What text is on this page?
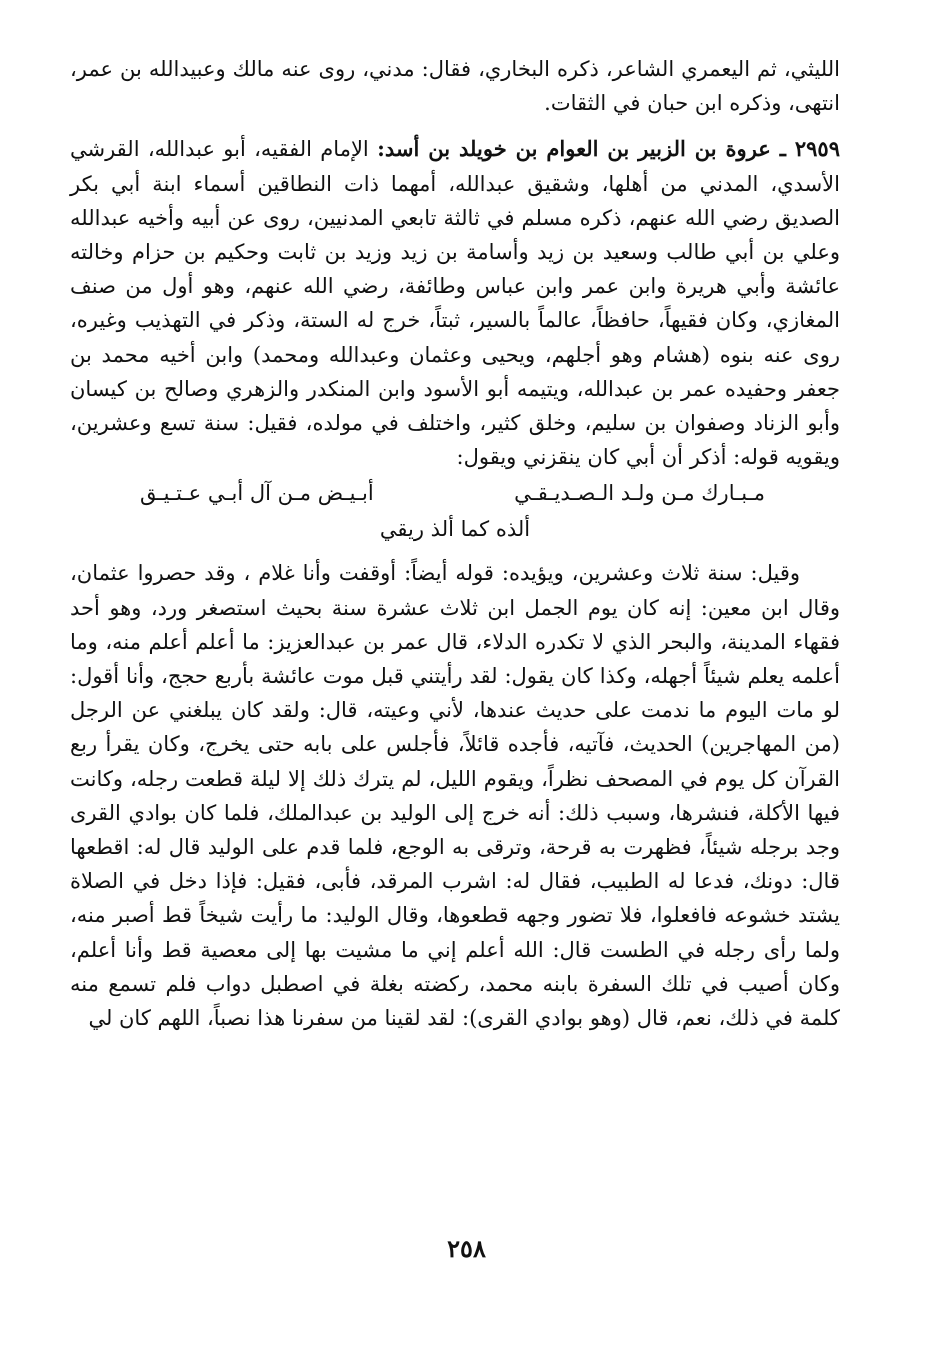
الليثي، ثم اليعمري الشاعر، ذكره البخاري، فقال: مدني، روى عنه مالك وعبيدالله بن عمر، انتهى، وذكره ابن حبان في الثقات.

٢٩٥٩ ـ عروة بن الزبير بن العوام بن خويلد بن أسد: الإمام الفقيه، أبو عبدالله، القرشي الأسدي، المدني من أهلها، وشقيق عبدالله، أمهما ذات النطاقين أسماء ابنة أبي بكر الصديق رضي الله عنهم، ذكره مسلم في ثالثة تابعي المدنيين، روى عن أبيه وأخيه عبدالله وعلي بن أبي طالب وسعيد بن زيد وأسامة بن زيد وزيد بن ثابت وحكيم بن حزام وخالته عائشة وأبي هريرة وابن عمر وابن عباس وطائفة، رضي الله عنهم، وهو أول من صنف المغازي، وكان فقيهاً، حافظاً، عالماً بالسير، ثبتاً، خرج له الستة، وذكر في التهذيب وغيره، روى عنه بنوه (هشام وهو أجلهم، ويحيى وعثمان وعبدالله ومحمد) وابن أخيه محمد بن جعفر وحفيده عمر بن عبدالله، ويتيمه أبو الأسود وابن المنكدر والزهري وصالح بن كيسان وأبو الزناد وصفوان بن سليم، وخلق كثير، واختلف في مولده، فقيل: سنة تسع وعشرين، ويقويه قوله: أذكر أن أبي كان ينقزني ويقول:

مـبـارك مـن ولـد الـصـديـقـي
أبـيـض مـن آل أبـي عـتـيـق
ألذه كما ألذ ريقي

وقيل: سنة ثلاث وعشرين، ويؤيده: قوله أيضاً: أوقفت وأنا غلام ، وقد حصروا عثمان، وقال ابن معين: إنه كان يوم الجمل ابن ثلاث عشرة سنة بحيث استصغر ورد، وهو أحد فقهاء المدينة، والبحر الذي لا تكدره الدلاء، قال عمر بن عبدالعزيز: ما أعلم أعلم منه، وما أعلمه يعلم شيئاً أجهله، وكذا كان يقول: لقد رأيتني قبل موت عائشة بأربع حجج، وأنا أقول: لو مات اليوم ما ندمت على حديث عندها، لأني وعيته، قال: ولقد كان يبلغني عن الرجل (من المهاجرين) الحديث، فآتيه، فأجده قائلاً، فأجلس على بابه حتى يخرج، وكان يقرأ ربع القرآن كل يوم في المصحف نظراً، ويقوم الليل، لم يترك ذلك إلا ليلة قطعت رجله، وكانت فيها الأكلة، فنشرها، وسبب ذلك: أنه خرج إلى الوليد بن عبدالملك، فلما كان بوادي القرى وجد برجله شيئاً، فظهرت به قرحة، وترقى به الوجع، فلما قدم على الوليد قال له: اقطعها قال: دونك، فدعا له الطبيب، فقال له: اشرب المرقد، فأبى، فقيل: فإذا دخل في الصلاة يشتد خشوعه فافعلوا، فلا تضور وجهه قطعوها، وقال الوليد: ما رأيت شيخاً قط أصبر منه، ولما رأى رجله في الطست قال: الله أعلم إني ما مشيت بها إلى معصية قط وأنا أعلم، وكان أصيب في تلك السفرة بابنه محمد، ركضته بغلة في اصطبل دواب فلم تسمع منه كلمة في ذلك، نعم، قال (وهو بوادي القرى): لقد لقينا من سفرنا هذا نصباً، اللهم كان لي

٢٥٨
